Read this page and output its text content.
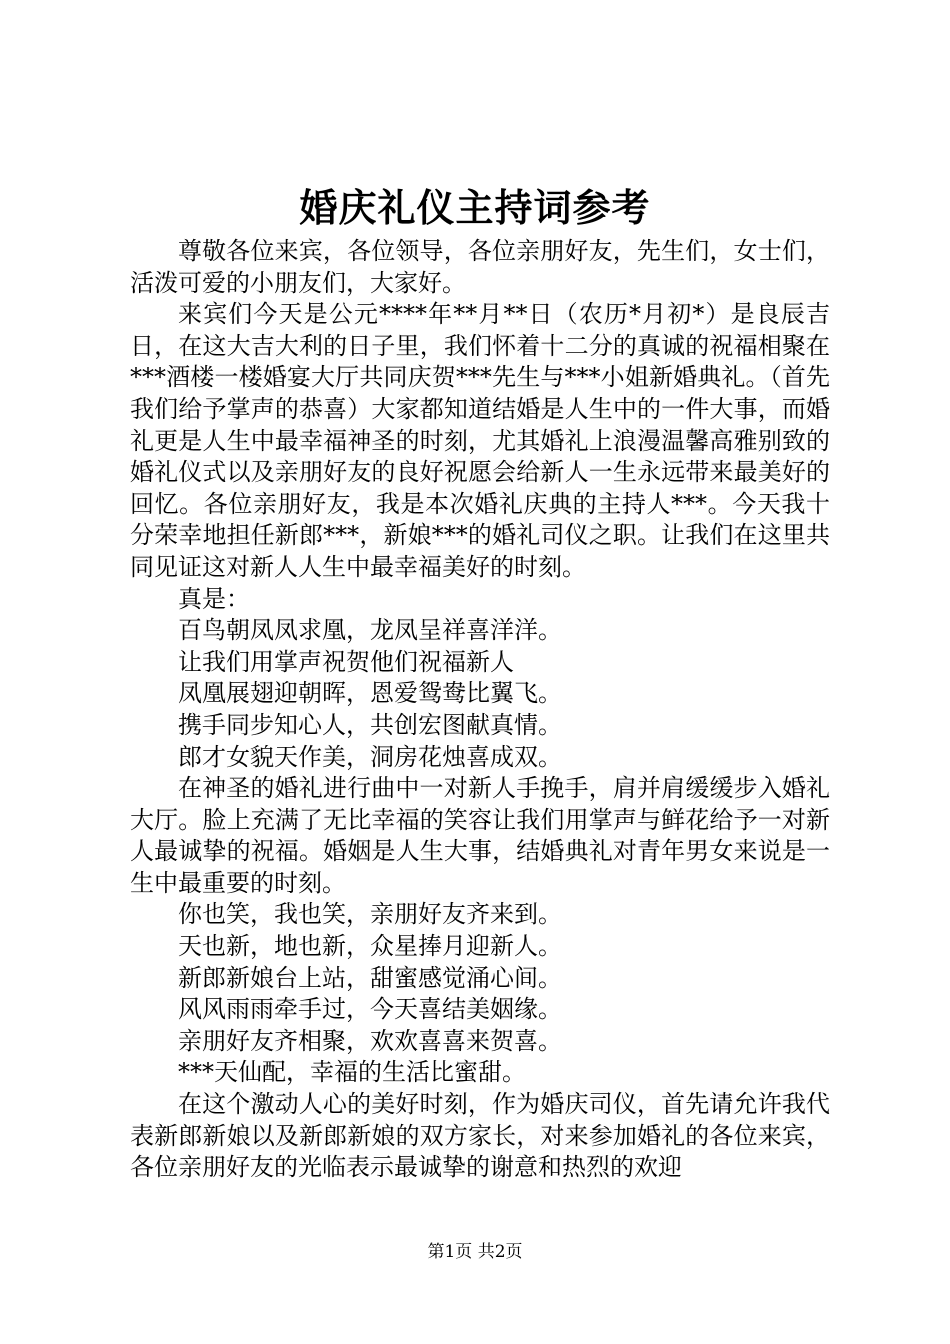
婚庆礼仪主持词参考

尊敬各位来宾，各位领导，各位亲朋好友，先生们，女士们，活泼可爱的小朋友们，大家好。

来宾们今天是公元****年**月**日（农历*月初*）是良辰吉日，在这大吉大利的日子里，我们怀着十二分的真诚的祝福相聚在***酒楼一楼婚宴大厅共同庆贺***先生与***小姐新婚典礼。（首先我们给予掌声的恭喜）大家都知道结婚是人生中的一件大事，而婚礼更是人生中最幸福神圣的时刻，尤其婚礼上浪漫温馨高雅别致的婚礼仪式以及亲朋好友的良好祝愿会给新人一生永远带来最美好的回忆。各位亲朋好友，我是本次婚礼庆典的主持人***。今天我十分荣幸地担任新郎***，新娘***的婚礼司仪之职。让我们在这里共同见证这对新人人生中最幸福美好的时刻。

真是：

百鸟朝凤凤求凰，龙凤呈祥喜洋洋。

让我们用掌声祝贺他们祝福新人

凤凰展翅迎朝晖，恩爱鸳鸯比翼飞。

携手同步知心人，共创宏图献真情。

郎才女貌天作美，洞房花烛喜成双。

在神圣的婚礼进行曲中一对新人手挽手，肩并肩缓缓步入婚礼大厅。脸上充满了无比幸福的笑容让我们用掌声与鲜花给予一对新人最诚挚的祝福。婚姻是人生大事，结婚典礼对青年男女来说是一生中最重要的时刻。

你也笑，我也笑，亲朋好友齐来到。

天也新，地也新，众星捧月迎新人。

新郎新娘台上站，甜蜜感觉涌心间。

风风雨雨牵手过，今天喜结美姻缘。

亲朋好友齐相聚，欢欢喜喜来贺喜。

***天仙配，幸福的生活比蜜甜。

在这个激动人心的美好时刻，作为婚庆司仪，首先请允许我代表新郎新娘以及新郎新娘的双方家长，对来参加婚礼的各位来宾，各位亲朋好友的光临表示最诚挚的谢意和热烈的欢迎

第1页 共2页
